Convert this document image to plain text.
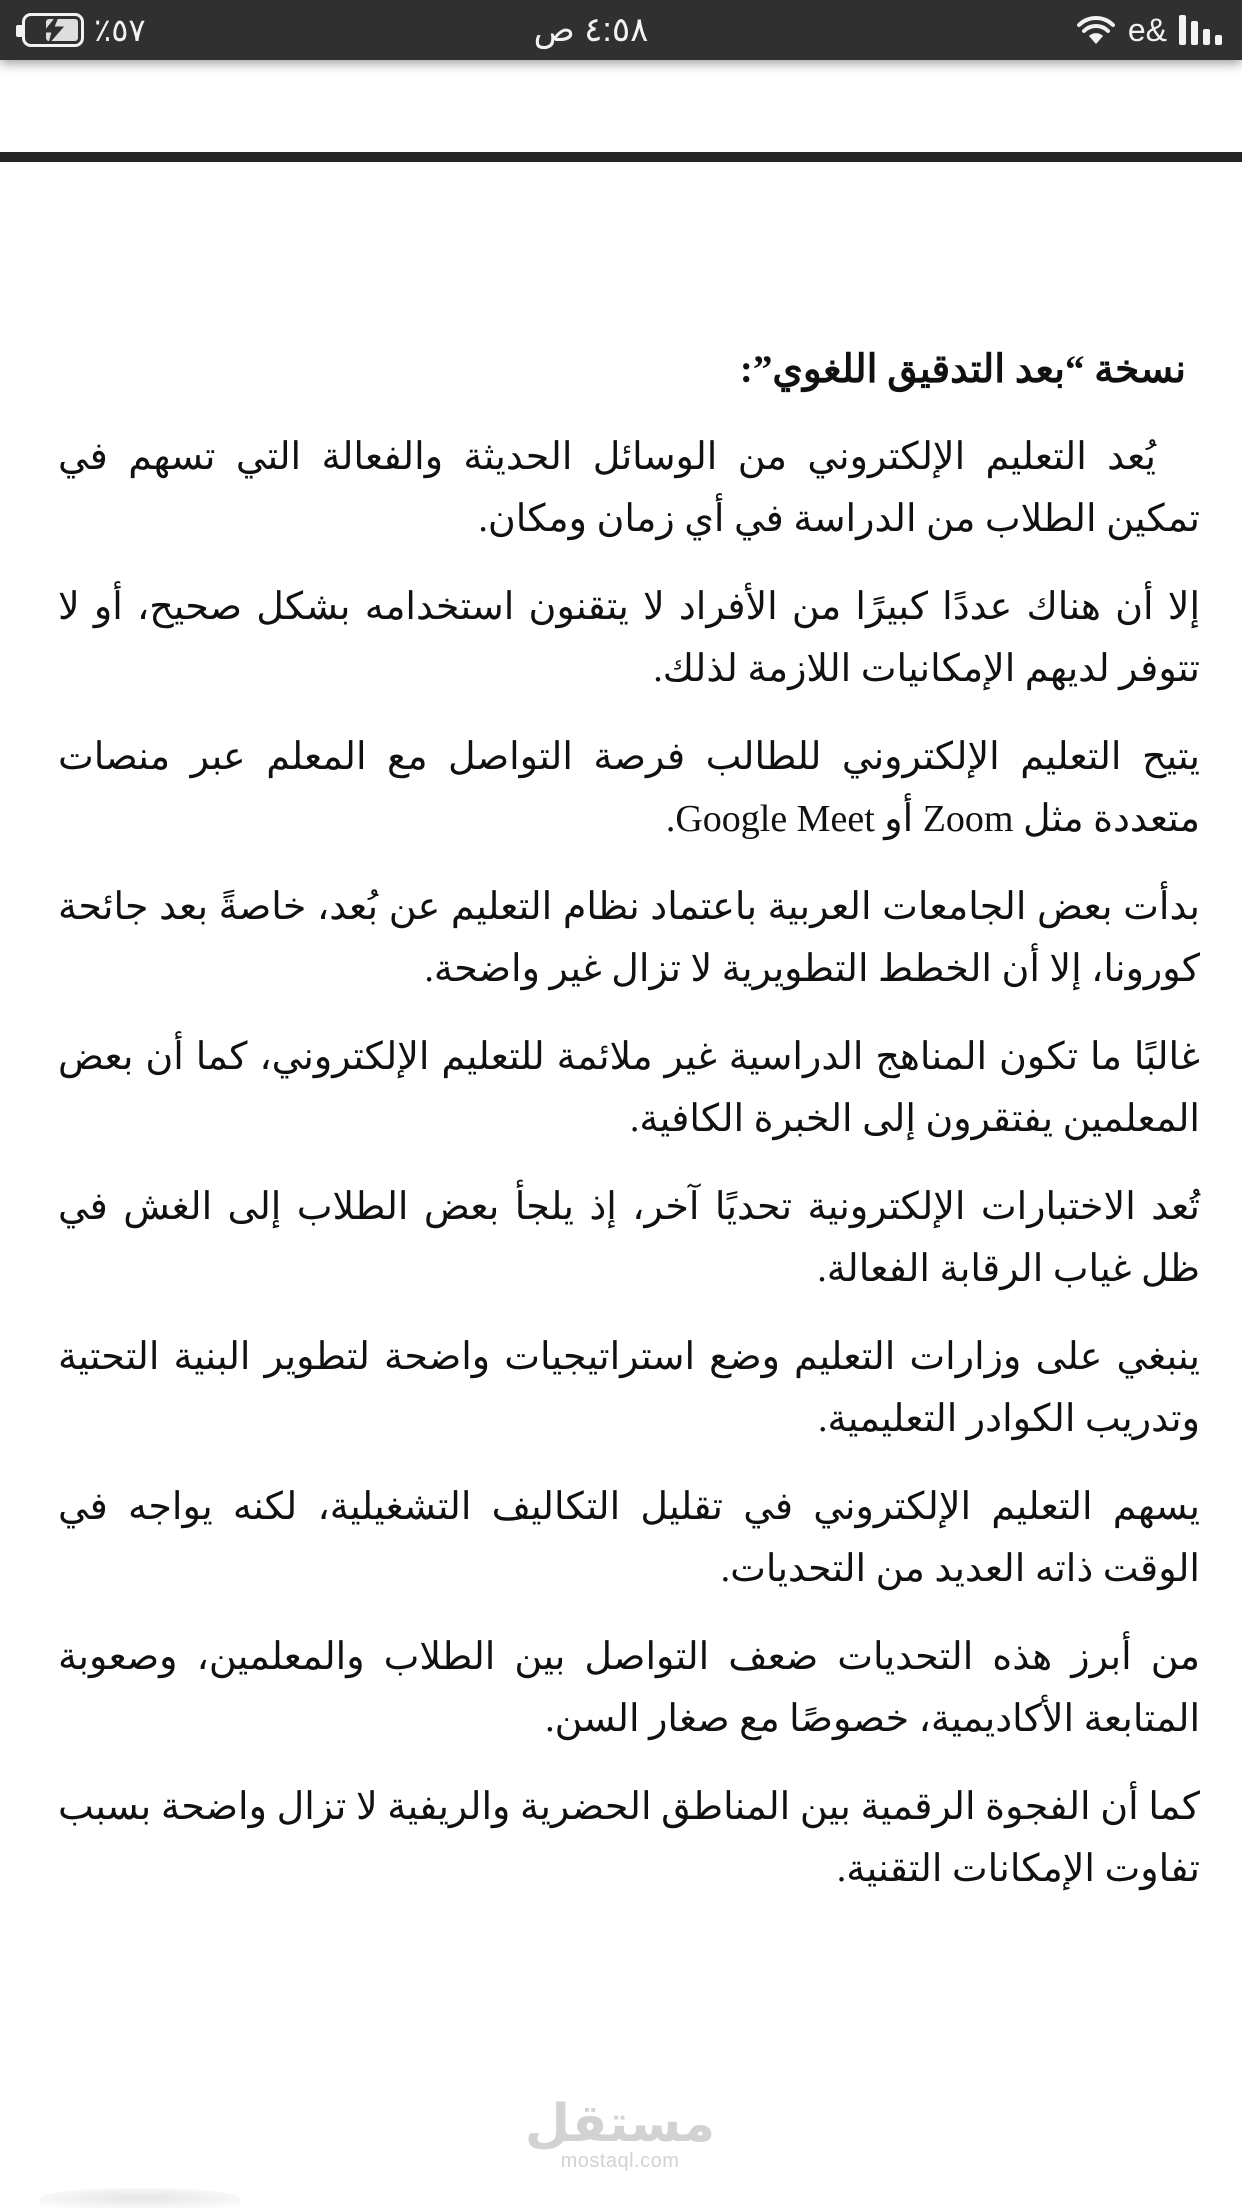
٪٥٧	٤:٥٨ ص	e&
نسخة “بعد التدقيق اللغوي”:

يُعد التعليم الإلكتروني من الوسائل الحديثة والفعالة التي تسهم في تمكين الطلاب من الدراسة في أي زمان ومكان.

إلا أن هناك عددًا كبيرًا من الأفراد لا يتقنون استخدامه بشكل صحيح، أو لا تتوفر لديهم الإمكانيات اللازمة لذلك.

يتيح التعليم الإلكتروني للطالب فرصة التواصل مع المعلم عبر منصات متعددة مثل Zoom أو Google Meet.

بدأت بعض الجامعات العربية باعتماد نظام التعليم عن بُعد، خاصةً بعد جائحة كورونا، إلا أن الخطط التطويرية لا تزال غير واضحة.

غالبًا ما تكون المناهج الدراسية غير ملائمة للتعليم الإلكتروني، كما أن بعض المعلمين يفتقرون إلى الخبرة الكافية.

تُعد الاختبارات الإلكترونية تحديًا آخر، إذ يلجأ بعض الطلاب إلى الغش في ظل غياب الرقابة الفعالة.

ينبغي على وزارات التعليم وضع استراتيجيات واضحة لتطوير البنية التحتية وتدريب الكوادر التعليمية.

يسهم التعليم الإلكتروني في تقليل التكاليف التشغيلية، لكنه يواجه في الوقت ذاته العديد من التحديات.

من أبرز هذه التحديات ضعف التواصل بين الطلاب والمعلمين، وصعوبة المتابعة الأكاديمية، خصوصًا مع صغار السن.

كما أن الفجوة الرقمية بين المناطق الحضرية والريفية لا تزال واضحة بسبب تفاوت الإمكانات التقنية.

مستقل
mostaql.com
